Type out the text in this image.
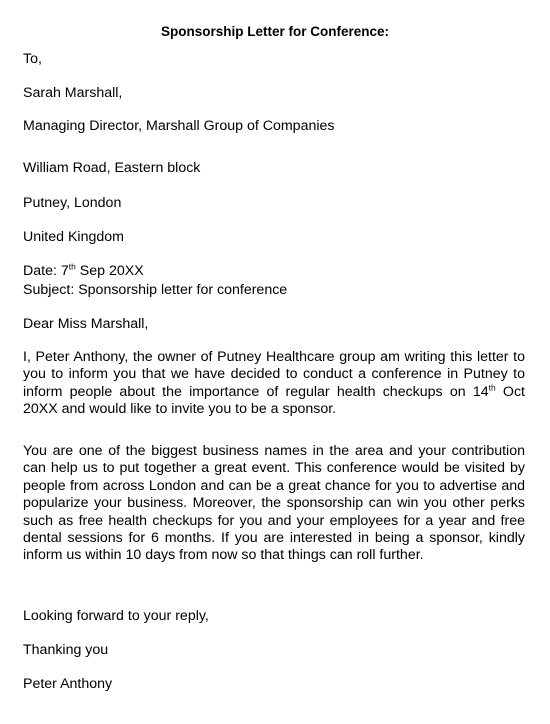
Sponsorship Letter for Conference:
To,
Sarah Marshall,
Managing Director, Marshall Group of Companies
William Road, Eastern block
Putney, London
United Kingdom
Date: 7th Sep 20XX
Subject: Sponsorship letter for conference
Dear Miss Marshall,
I, Peter Anthony, the owner of Putney Healthcare group am writing this letter to you to inform you that we have decided to conduct a conference in Putney to inform people about the importance of regular health checkups on 14th Oct 20XX and would like to invite you to be a sponsor.
You are one of the biggest business names in the area and your contribution can help us to put together a great event. This conference would be visited by people from across London and can be a great chance for you to advertise and popularize your business. Moreover, the sponsorship can win you other perks such as free health checkups for you and your employees for a year and free dental sessions for 6 months. If you are interested in being a sponsor, kindly inform us within 10 days from now so that things can roll further.
Looking forward to your reply,
Thanking you
Peter Anthony
